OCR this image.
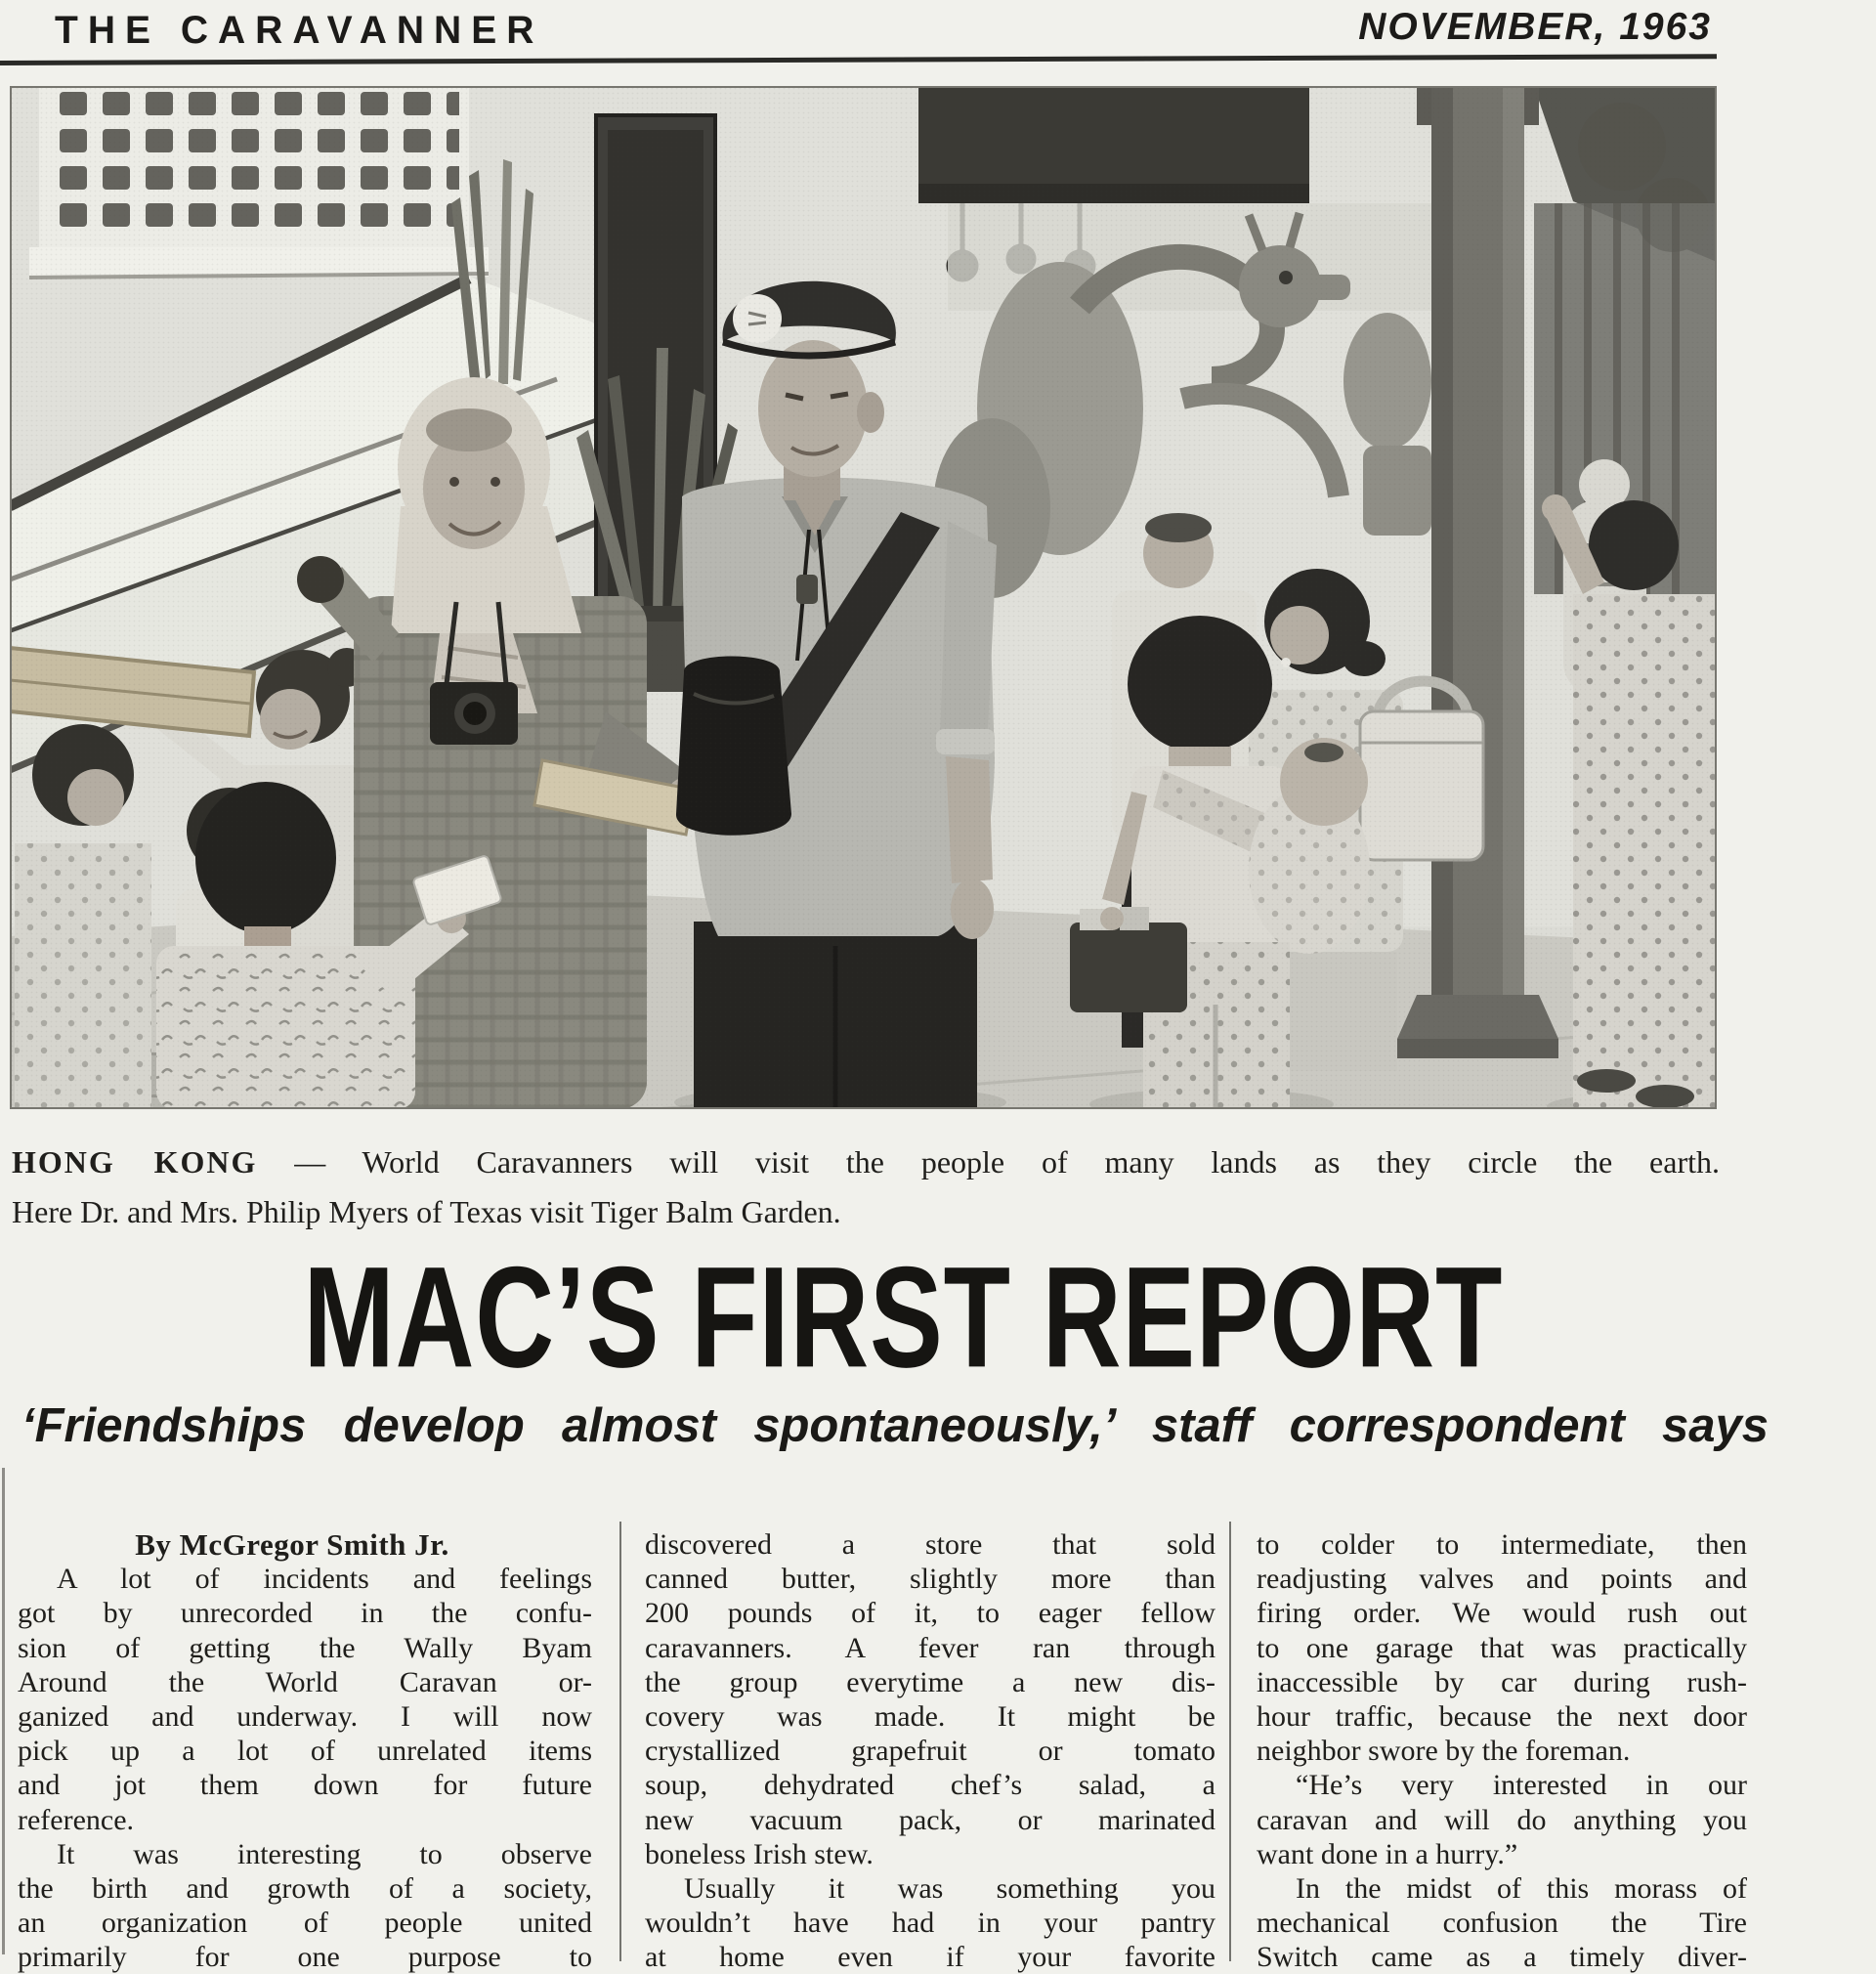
THE CARAVANNER	NOVEMBER, 1963
HONG KONG — World Caravanners will visit the people of many lands as they circle the earth.
Here Dr. and Mrs. Philip Myers of Texas visit Tiger Balm Garden.
MAC’S FIRST REPORT
‘Friendships develop almost spontaneously,’ staff correspondent says
By McGregor Smith Jr.
A lot of incidents and feelings
got by unrecorded in the confu-
sion of getting the Wally Byam
Around the World Caravan or-
ganized and underway. I will now
pick up a lot of unrelated items
and jot them down for future
reference.
It was interesting to observe
the birth and growth of a society,
an organization of people united
primarily for one purpose to
discovered a store that sold
canned butter, slightly more than
200 pounds of it, to eager fellow
caravanners. A fever ran through
the group everytime a new dis-
covery was made. It might be
crystallized grapefruit or tomato
soup, dehydrated chef’s salad, a
new vacuum pack, or marinated
boneless Irish stew.
Usually it was something you
wouldn’t have had in your pantry
at home even if your favorite
to colder to intermediate, then
readjusting valves and points and
firing order. We would rush out
to one garage that was practically
inaccessible by car during rush-
hour traffic, because the next door
neighbor swore by the foreman.
“He’s very interested in our
caravan and will do anything you
want done in a hurry.”
In the midst of this morass of
mechanical confusion the Tire
Switch came as a timely diver-
